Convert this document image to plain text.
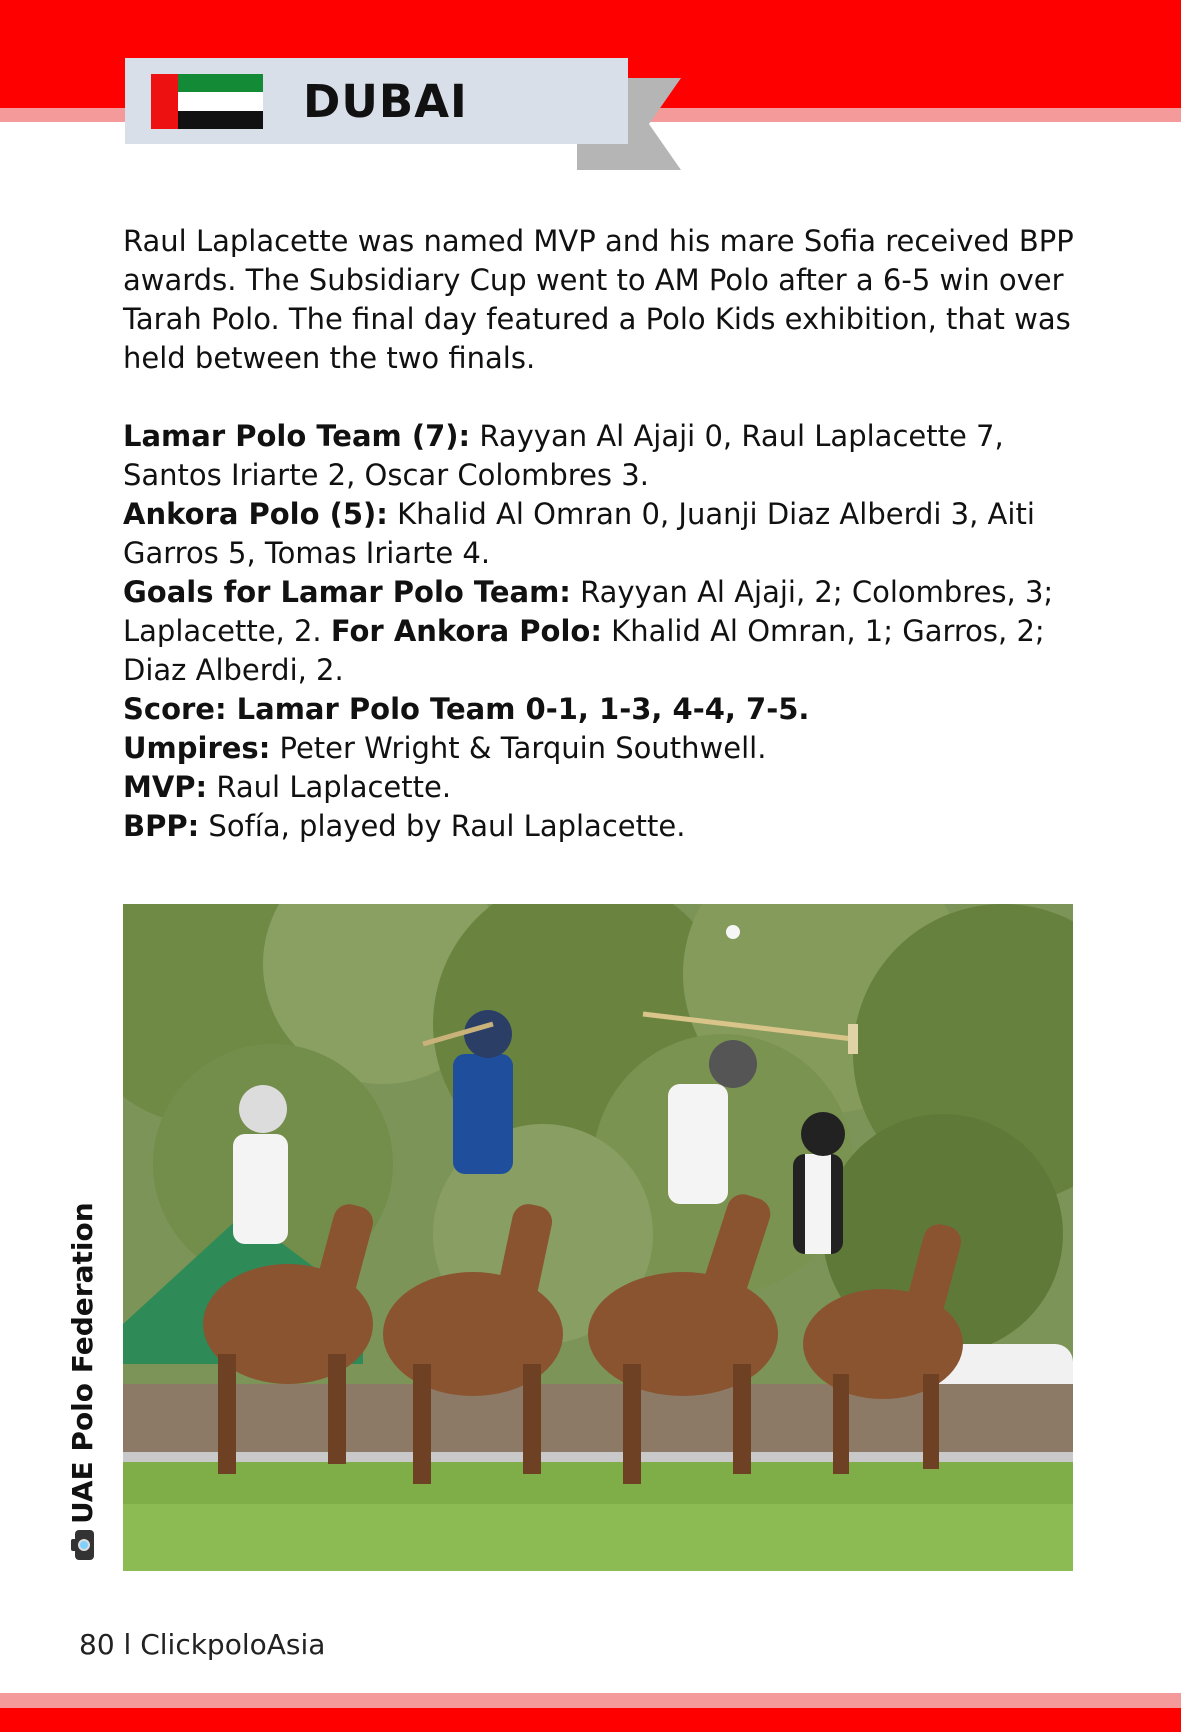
DUBAI

Raul Laplacette was named MVP and his mare Sofia received BPP awards. The Subsidiary Cup went to AM Polo after a 6-5 win over Tarah Polo. The final day featured a Polo Kids exhibition, that was held between the two finals.

Lamar Polo Team (7): Rayyan Al Ajaji 0, Raul Laplacette 7, Santos Iriarte 2, Oscar Colombres 3.

Ankora Polo (5): Khalid Al Omran 0, Juanji Diaz Alberdi 3, Aiti Garros 5, Tomas Iriarte 4.

Goals for Lamar Polo Team: Rayyan Al Ajaji, 2; Colombres, 3; Laplacette, 2. For Ankora Polo: Khalid Al Omran, 1; Garros, 2; Diaz Alberdi, 2.

Score: Lamar Polo Team 0-1, 1-3, 4-4, 7-5.

Umpires: Peter Wright & Tarquin Southwell.

MVP: Raul Laplacette.

BPP: Sofía, played by Raul Laplacette.

UAE Polo Federation
80 l ClickpoloAsia
